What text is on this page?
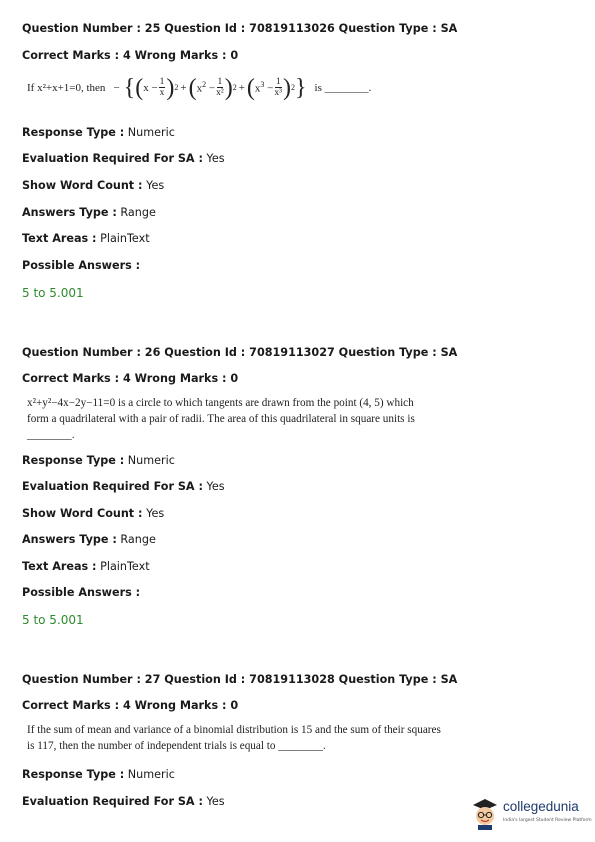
Question Number : 25 Question Id : 70819113026 Question Type : SA
Correct Marks : 4 Wrong Marks : 0
If x²+x+1=0, then − { ( $x - \frac{1}{x}$ ) 2 + ( $x^2 - \frac{1}{\text{x²}}$ ) 2 + ( $x^3 - \frac{1}{\text{x³}}$ ) 2 } is ________.
Response Type : Numeric
Evaluation Required For SA : Yes
Show Word Count : Yes
Answers Type : Range
Text Areas : PlainText
Possible Answers :
5 to 5.001
Question Number : 26 Question Id : 70819113027 Question Type : SA
Correct Marks : 4 Wrong Marks : 0

x²+y²−4x−2y−11=0 is a circle to which tangents are drawn from the point (4, 5) which

form a quadrilateral with a pair of radii. The area of this quadrilateral in square units is

________.

Response Type : Numeric
Evaluation Required For SA : Yes
Show Word Count : Yes
Answers Type : Range
Text Areas : PlainText
Possible Answers :
5 to 5.001
Question Number : 27 Question Id : 70819113028 Question Type : SA
Correct Marks : 4 Wrong Marks : 0

If the sum of mean and variance of a binomial distribution is 15 and the sum of their squares

is 117, then the number of independent trials is equal to ________.

Response Type : Numeric
Evaluation Required For SA : Yes	collegedunia
India's largest Student Review Platform
